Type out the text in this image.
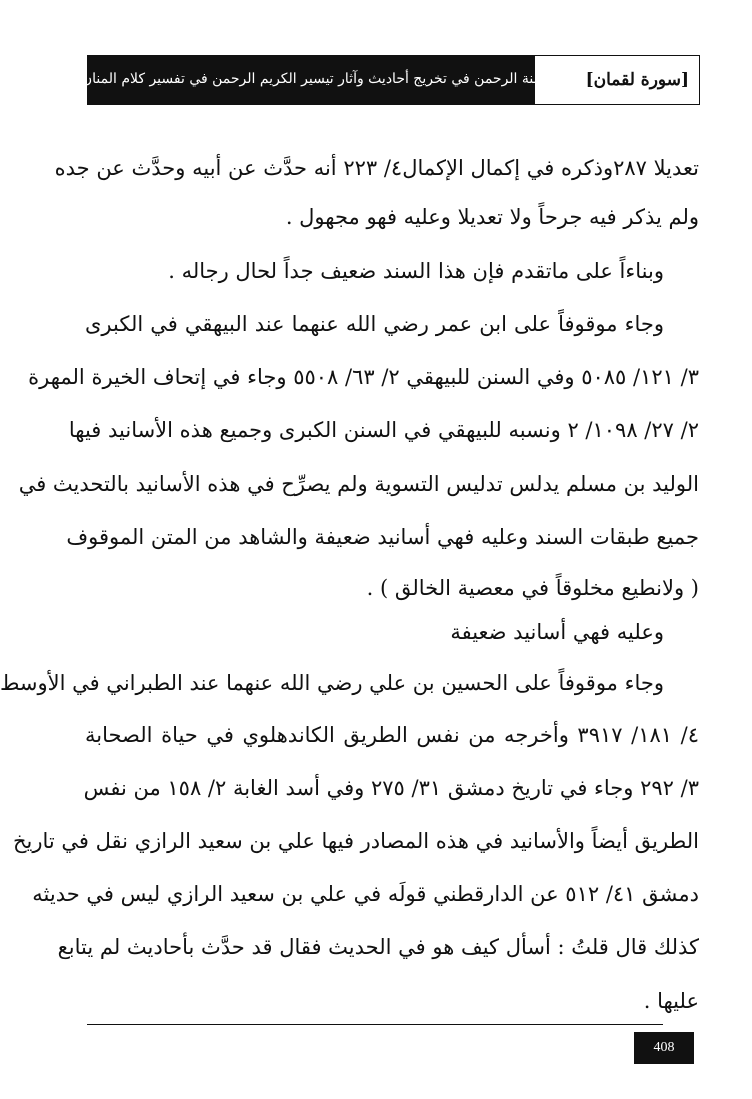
منة الرحمن في تخريج أحاديث وآثار تيسير الكريم الرحمن في تفسير كلام المنان	[سورة لقمان]
تعديلا ٢٨٧وذكره في إكمال الإكمال٤/ ٢٢٣ أنه حدَّث عن أبيه وحدَّث عن جده
ولم يذكر فيه جرحاً ولا تعديلا وعليه فهو مجهول .
وبناءاً على ماتقدم فإن هذا السند ضعيف جداً لحال رجاله .
وجاء موقوفاً على ابن عمر رضي الله عنهما عند البيهقي في الكبرى
٣/ ١٢١/ ٥٠٨٥ وفي السنن للبيهقي ٢/ ٦٣/ ٥٥٠٨ وجاء في إتحاف الخيرة المهرة
٢/ ٢٧/ ١٠٩٨/ ٢ ونسبه للبيهقي في السنن الكبرى وجميع هذه الأسانيد فيها
الوليد بن مسلم يدلس تدليس التسوية ولم يصرِّح في هذه الأسانيد بالتحديث في
جميع طبقات السند وعليه فهي أسانيد ضعيفة والشاهد من المتن الموقوف
( ولانطيع مخلوقاً في معصية الخالق ) .
وعليه فهي أسانيد ضعيفة
وجاء موقوفاً على الحسين بن علي رضي الله عنهما عند الطبراني في الأوسط
٤/ ١٨١/ ٣٩١٧ وأخرجه من نفس الطريق الكاندهلوي في حياة الصحابة
٣/ ٢٩٢ وجاء في تاريخ دمشق ٣١/ ٢٧٥ وفي أسد الغابة ٢/ ١٥٨ من نفس
الطريق أيضاً والأسانيد في هذه المصادر فيها علي بن سعيد الرازي نقل في تاريخ
دمشق ٤١/ ٥١٢ عن الدارقطني قولَه في علي بن سعيد الرازي ليس في حديثه
كذلك قال قلتُ : أسأل كيف هو في الحديث فقال قد حدَّث بأحاديث لم يتابع
عليها .
408
